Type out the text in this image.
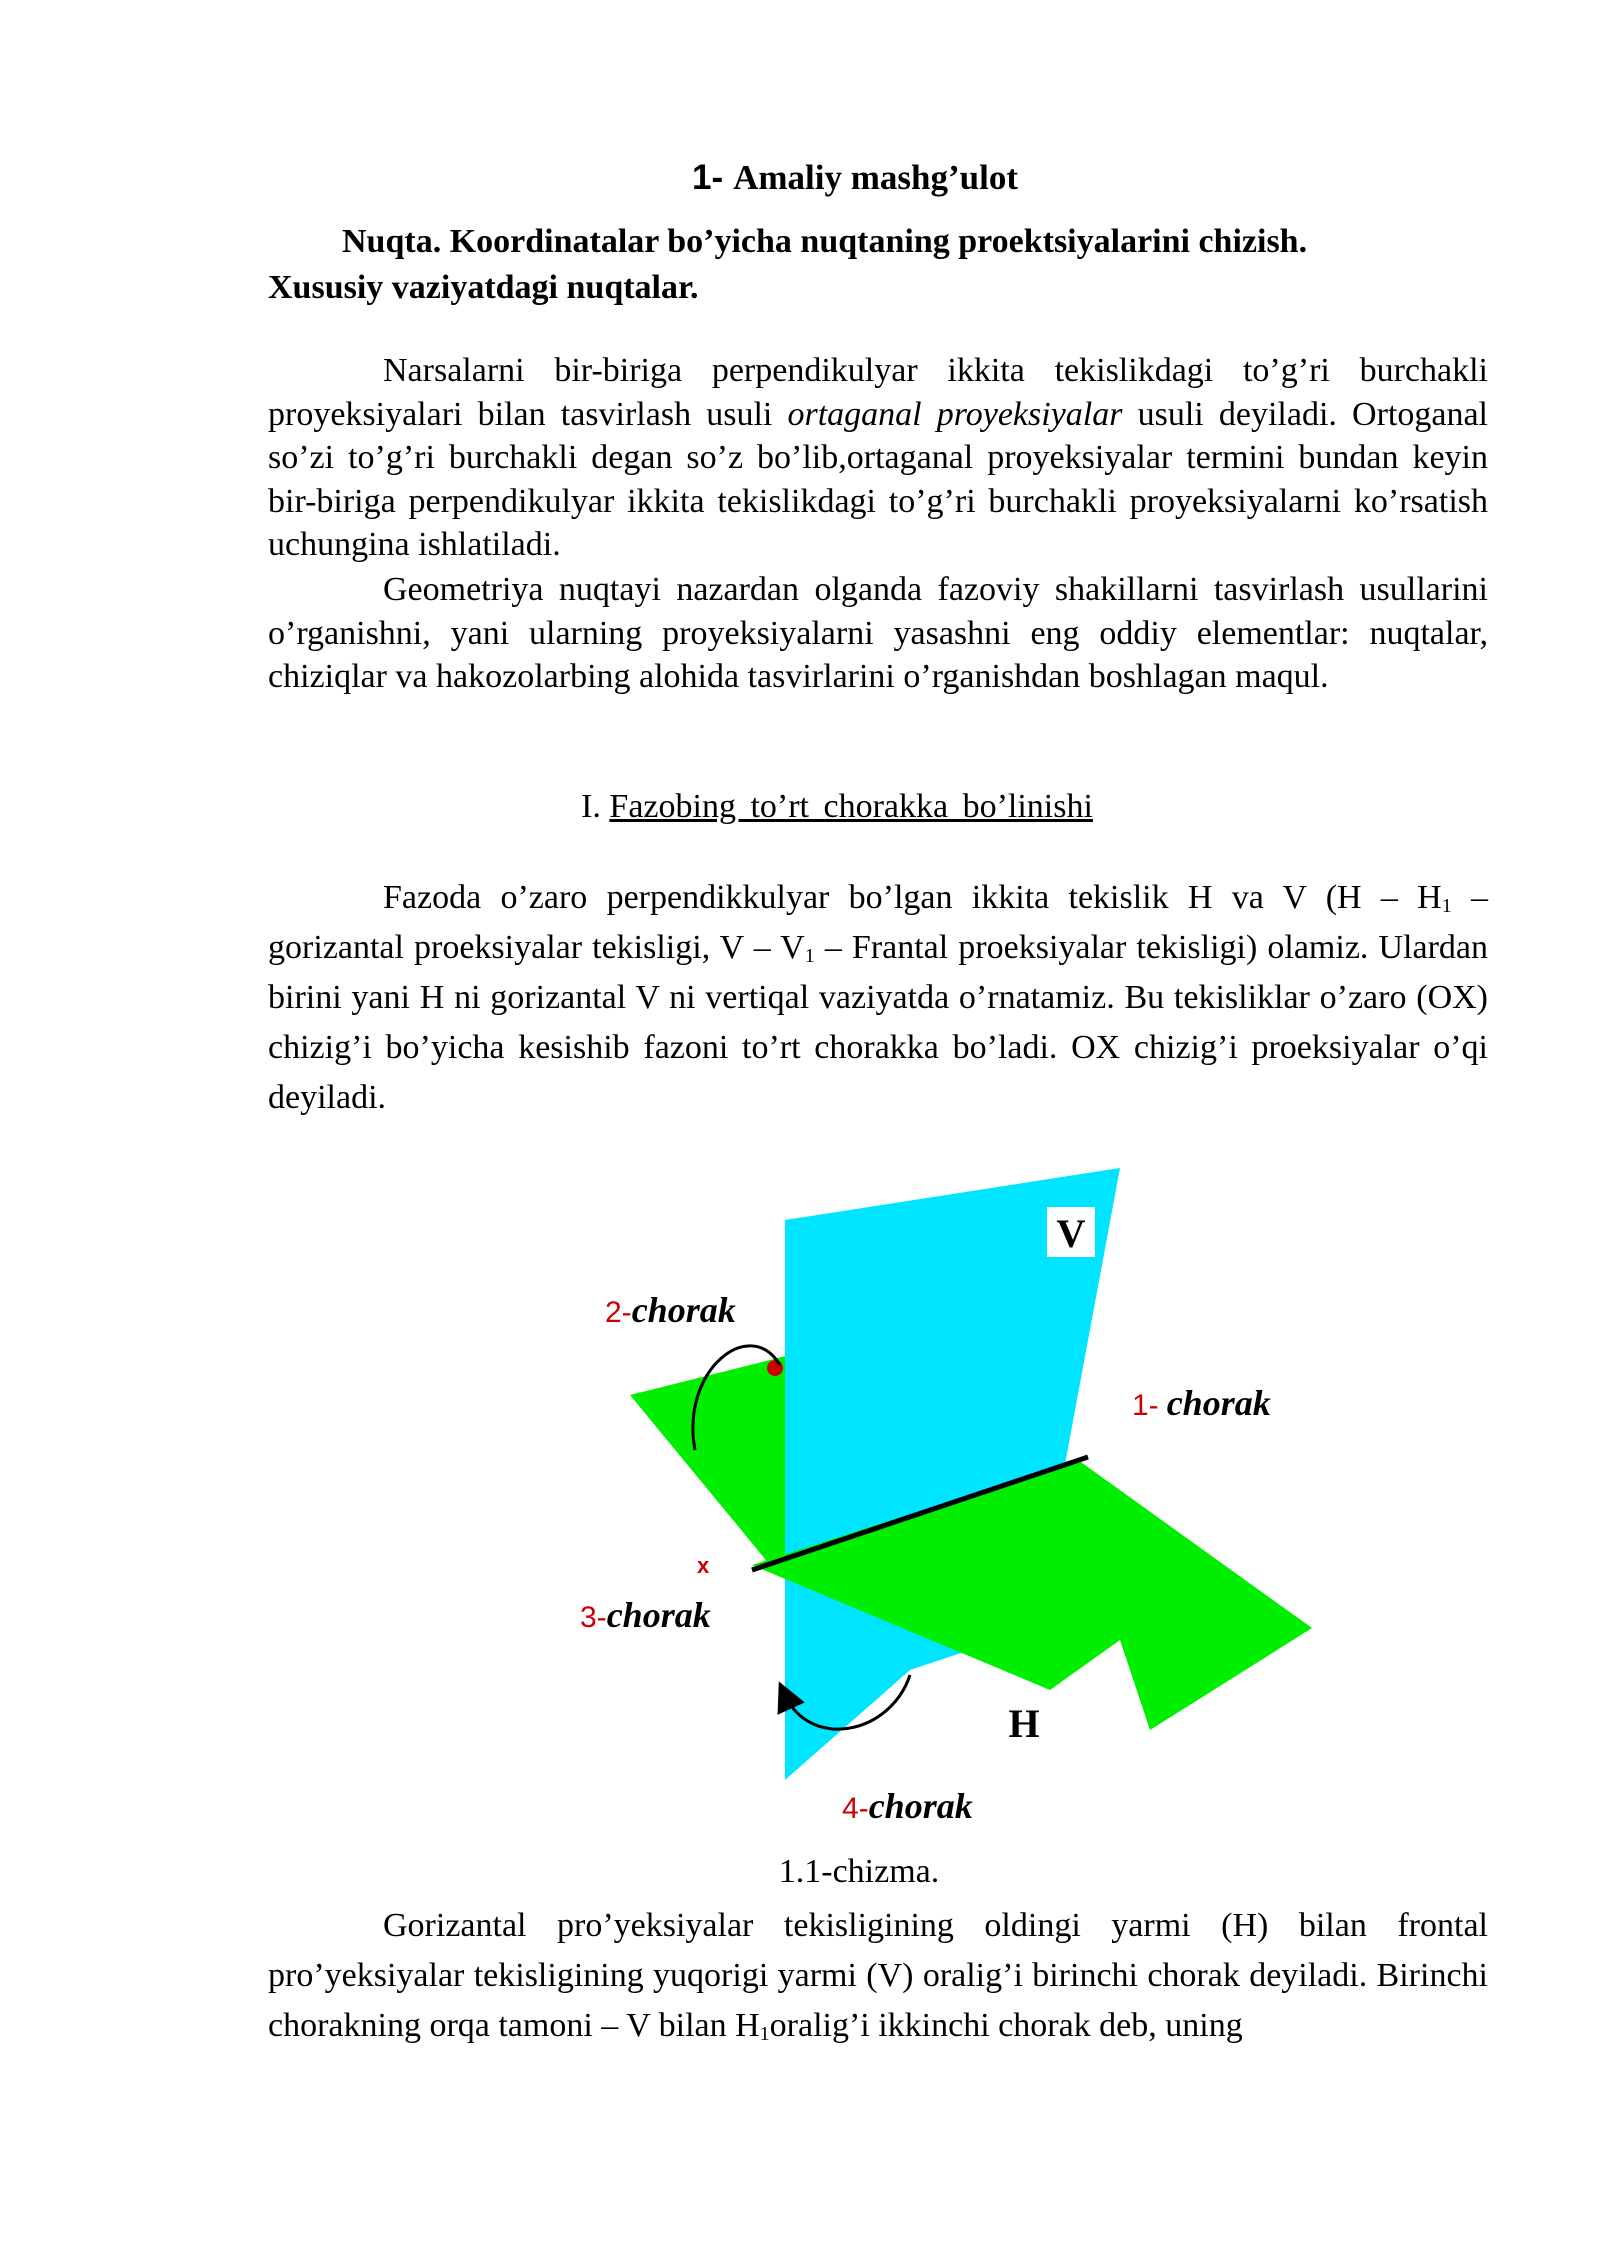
1- Amaliy mashg’ulot
Nuqta. Koordinatalar bo’yicha nuqtaning proektsiyalarini chizish.
Xususiy vaziyatdagi nuqtalar.
Narsalarni bir-biriga perpendikulyar ikkita tekislikdagi to’g’ri burchakli proyeksiyalari bilan tasvirlash usuli ortaganal proyeksiyalar usuli deyiladi. Ortoganal so’zi to’g’ri burchakli degan so’z bo’lib,ortaganal proyeksiyalar termini bundan keyin bir-biriga perpendikulyar ikkita tekislikdagi to’g’ri burchakli proyeksiyalarni ko’rsatish uchungina ishlatiladi.
Geometriya nuqtayi nazardan olganda fazoviy shakillarni tasvirlash usullarini o’rganishni, yani ularning proyeksiyalarni yasashni eng oddiy elementlar: nuqtalar, chiziqlar va hakozolarbing alohida tasvirlarini o’rganishdan boshlagan maqul.
I. Fazobing to’rt chorakka bo’linishi
Fazoda o’zaro perpendikkulyar bo’lgan ikkita tekislik H va V ($H - H_1$ – gorizantal proeksiyalar tekisligi, V – $V_1$ – Frantal proeksiyalar tekisligi) olamiz. Ulardan birini yani H ni gorizantal V ni vertiqal vaziyatda o’rnatamiz. Bu tekisliklar o’zaro (OX) chizig’i bo’yicha kesishib fazoni to’rt chorakka bo’ladi. OX chizig’i proeksiyalar o’qi deyiladi.
V
H
x
2-chorak
1- chorak
3-chorak
4-chorak
1.1-chizma.
Gorizantal pro’yeksiyalar tekisligining oldingi yarmi (H) bilan frontal pro’yeksiyalar tekisligining yuqorigi yarmi (V) oralig’i birinchi chorak deyiladi. Birinchi chorakning orqa tamoni – V bilan $H_1oralig’i$ ikkinchi chorak deb, uning
